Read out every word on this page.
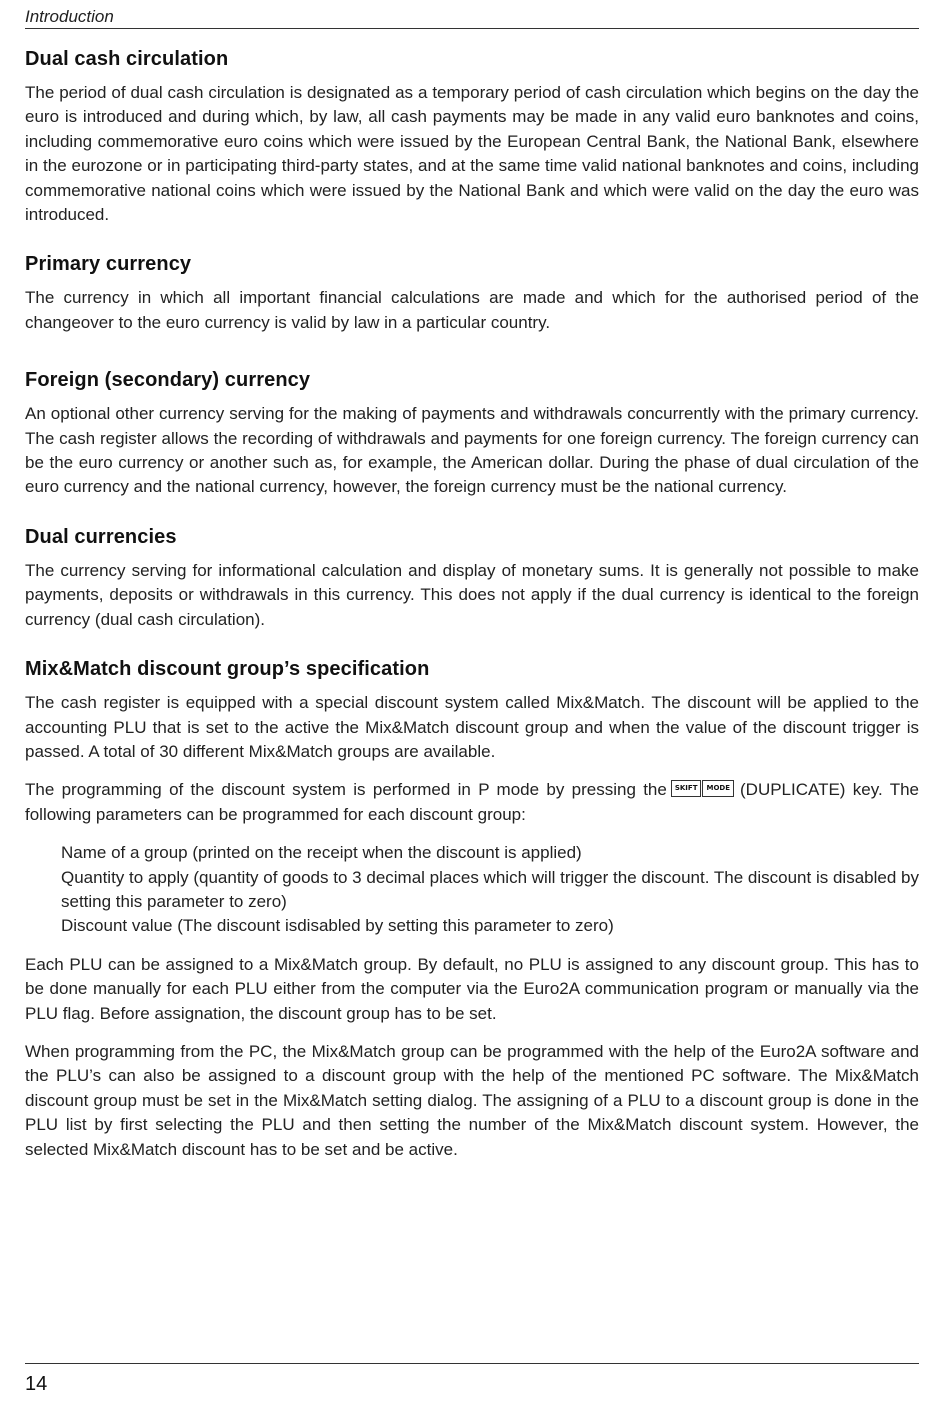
Introduction
Dual cash circulation

The period of dual cash circulation is designated as a temporary period of cash circulation which begins on the day the euro is introduced and during which, by law, all cash payments may be made in any valid euro banknotes and coins, including commemorative euro coins which were issued by the European Central Bank, the National Bank, elsewhere in the eurozone or in participating third-party states, and at the same time valid national banknotes and coins, including commemorative national coins which were issued by the National Bank and which were valid on the day the euro was introduced.

Primary currency

The currency in which all important financial calculations are made and which for the authorised period of the changeover to the euro currency is valid by law in a particular country.

Foreign (secondary) currency

An optional other currency serving for the making of payments and withdrawals concurrently with the primary currency. The cash register allows the recording of withdrawals and payments for one foreign currency. The foreign currency can be the euro currency or another such as, for example, the American dollar. During the phase of dual circulation of the euro currency and the national currency, however, the foreign currency must be the national currency.

Dual currencies

The currency serving for informational calculation and display of monetary sums. It is generally not possible to make payments, deposits or withdrawals in this currency. This does not apply if the dual currency is identical to the foreign currency (dual cash circulation).

Mix&Match discount group’s specification

The cash register is equipped with a special discount system called Mix&Match. The discount will be applied to the accounting PLU that is set to the active the Mix&Match discount group and when the value of the discount trigger is passed. A total of 30 different Mix&Match groups are available.

The programming of the discount system is performed in P mode by pressing the	SKIFT	MODE (DUPLICATE) key. The following parameters can be programmed for each discount group:

Name of a group (printed on the receipt when the discount is applied)
Quantity to apply (quantity of goods to 3 decimal places which will trigger the discount. The discount is disabled by setting this parameter to zero)
Discount value (The discount isdisabled by setting this parameter to zero)

Each PLU can be assigned to a Mix&Match group. By default, no PLU is assigned to any discount group. This has to be done manually for each PLU either from the computer via the Euro2A communication program or manually via the PLU flag. Before assignation, the discount group has to be set.

When programming from the PC, the Mix&Match group can be programmed with the help of the Euro2A software and the PLU’s can also be assigned to a discount group with the help of the mentioned PC software. The Mix&Match discount group must be set in the Mix&Match setting dialog. The assigning of a PLU to a discount group is done in the PLU list by first selecting the PLU and then setting the number of the Mix&Match discount system. However, the selected Mix&Match discount has to be set and be active.

14
